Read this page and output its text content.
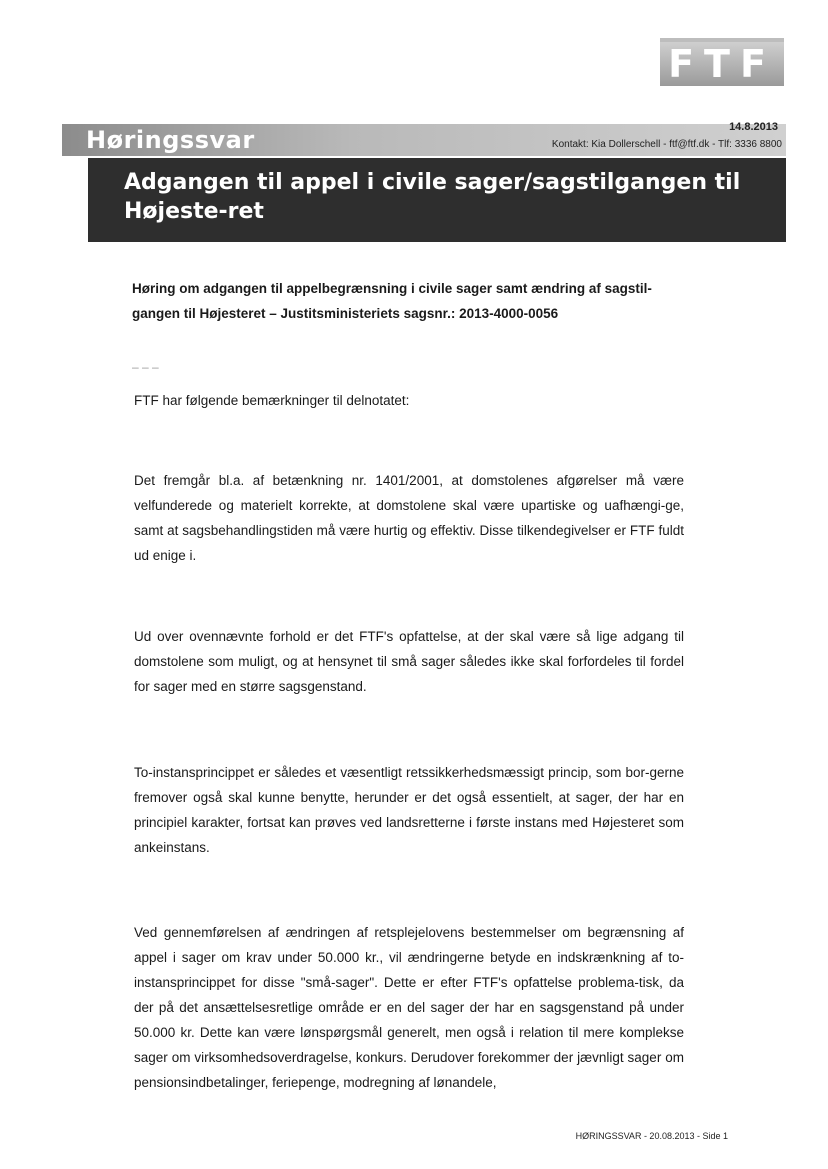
FTF
Høringssvar	14.8.2013
Kontakt: Kia Dollerschell - ftf@ftf.dk - Tlf: 3336 8800
Adgangen til appel i civile sager/sagstilgangen til Højeste-ret
Høring om adgangen til appelbegrænsning i civile sager samt ændring af sagstil-gangen til Højesteret – Justitsministeriets sagsnr.: 2013-4000-0056
– – –
FTF har følgende bemærkninger til delnotatet:
Det fremgår bl.a. af betænkning nr. 1401/2001, at domstolenes afgørelser må være velfunderede og materielt korrekte, at domstolene skal være upartiske og uafhængi-ge, samt at sagsbehandlingstiden må være hurtig og effektiv. Disse tilkendegivelser er FTF fuldt ud enige i.
Ud over ovennævnte forhold er det FTF's opfattelse, at der skal være så lige adgang til domstolene som muligt, og at hensynet til små sager således ikke skal forfordeles til fordel for sager med en større sagsgenstand.
To-instansprincippet er således et væsentligt retssikkerhedsmæssigt princip, som bor-gerne fremover også skal kunne benytte, herunder er det også essentielt, at sager, der har en principiel karakter, fortsat kan prøves ved landsretterne i første instans med Højesteret som ankeinstans.
Ved gennemførelsen af ændringen af retsplejelovens bestemmelser om begrænsning af appel i sager om krav under 50.000 kr., vil ændringerne betyde en indskrænkning af to-instansprincippet for disse "små-sager". Dette er efter FTF's opfattelse problema-tisk, da der på det ansættelsesretlige område er en del sager der har en sagsgenstand på under 50.000 kr. Dette kan være lønspørgsmål generelt, men også i relation til mere komplekse sager om virksomhedsoverdragelse, konkurs. Derudover forekommer der jævnligt sager om pensionsindbetalinger, feriepenge, modregning af lønandele,
HØRINGSSVAR - 20.08.2013 - Side 1
